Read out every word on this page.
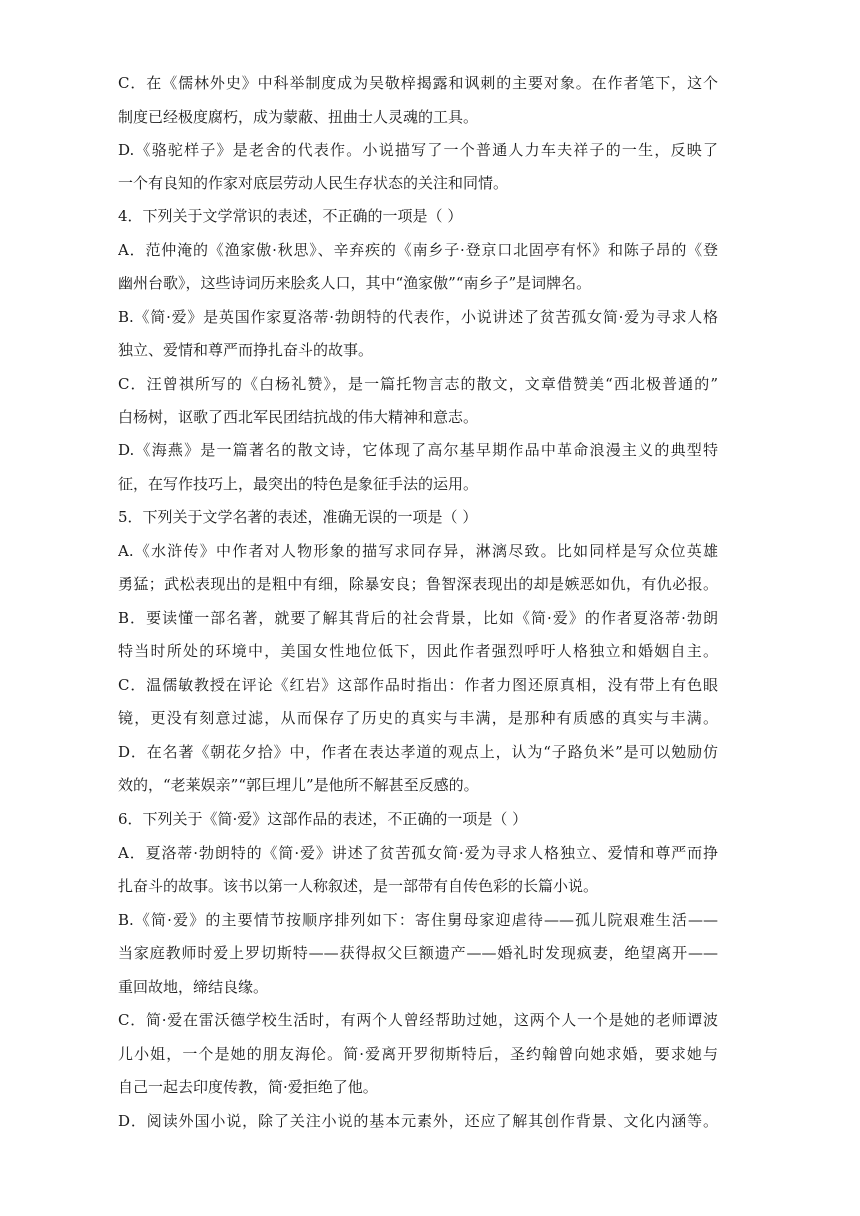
C．在《儒林外史》中科举制度成为吴敬梓揭露和讽刺的主要对象。在作者笔下，这个
制度已经极度腐朽，成为蒙蔽、扭曲士人灵魂的工具。
D.《骆驼样子》是老舍的代表作。小说描写了一个普通人力车夫祥子的一生，反映了
一个有良知的作家对底层劳动人民生存状态的关注和同情。
4．下列关于文学常识的表述，不正确的一项是（ ）
A．范仲淹的《渔家傲·秋思》、辛弃疾的《南乡子·登京口北固亭有怀》和陈子昂的《登
幽州台歌》，这些诗词历来脍炙人口，其中“渔家傲”“南乡子”是词牌名。
B.《简·爱》是英国作家夏洛蒂·勃朗特的代表作，小说讲述了贫苦孤女简·爱为寻求人格
独立、爱情和尊严而挣扎奋斗的故事。
C．汪曾祺所写的《白杨礼赞》，是一篇托物言志的散文，文章借赞美“西北极普通的”
白杨树，讴歌了西北军民团结抗战的伟大精神和意志。
D.《海燕》是一篇著名的散文诗，它体现了高尔基早期作品中革命浪漫主义的典型特
征，在写作技巧上，最突出的特色是象征手法的运用。
5．下列关于文学名著的表述，准确无误的一项是（ ）
A.《水浒传》中作者对人物形象的描写求同存异，淋漓尽致。比如同样是写众位英雄
勇猛；武松表现出的是粗中有细，除暴安良；鲁智深表现出的却是嫉恶如仇，有仇必报。
B．要读懂一部名著，就要了解其背后的社会背景，比如《简·爱》的作者夏洛蒂·勃朗
特当时所处的环境中，美国女性地位低下，因此作者强烈呼吁人格独立和婚姻自主。
C．温儒敏教授在评论《红岩》这部作品时指出：作者力图还原真相，没有带上有色眼
镜，更没有刻意过滤，从而保存了历史的真实与丰满，是那种有质感的真实与丰满。
D．在名著《朝花夕拾》中，作者在表达孝道的观点上，认为“子路负米”是可以勉励仿
效的，“老莱娱亲”“郭巨埋儿”是他所不解甚至反感的。
6．下列关于《简·爱》这部作品的表述，不正确的一项是（ ）
A．夏洛蒂·勃朗特的《简·爱》讲述了贫苦孤女简·爱为寻求人格独立、爱情和尊严而挣
扎奋斗的故事。该书以第一人称叙述，是一部带有自传色彩的长篇小说。
B.《简·爱》的主要情节按顺序排列如下：寄住舅母家迎虐待——孤儿院艰难生活——
当家庭教师时爱上罗切斯特——获得叔父巨额遗产——婚礼时发现疯妻，绝望离开——
重回故地，缔结良缘。
C．简·爱在雷沃德学校生活时，有两个人曾经帮助过她，这两个人一个是她的老师谭波
儿小姐，一个是她的朋友海伦。简·爱离开罗彻斯特后，圣约翰曾向她求婚，要求她与
自己一起去印度传教，简·爱拒绝了他。
D．阅读外国小说，除了关注小说的基本元素外，还应了解其创作背景、文化内涵等。
